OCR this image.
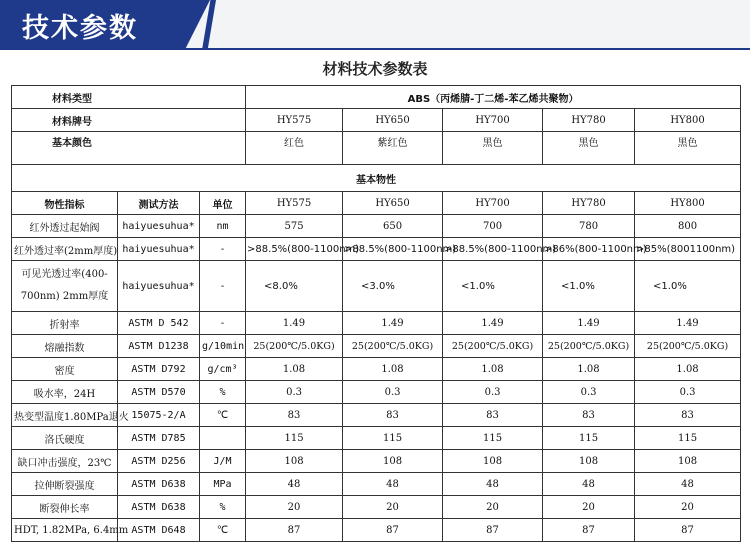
技术参数
材料技术参数表
材料类型			ABS（丙烯腈-丁二烯-苯乙烯共聚物）				
材料牌号			HY575	HY650	HY700	HY780	HY800
基本颜色			红色	紫红色	黑色	黑色	黑色
基本物性							
物性指标	测试方法	单位	HY575	HY650	HY700	HY780	HY800
红外透过起始阀	haiyuesuhua*	nm	575	650	700	780	800
红外透过率(2mm厚度)	haiyuesuhua*	-	>88.5%(800-1100nm)	>88.5%(800-1100nm)	>88.5%(800-1100nm)	>86%(800-1100nm)	>85%(8001100nm)
可见光透过率(400-700nm) 2mm厚度	haiyuesuhua*	-	<8.0%	<3.0%	<1.0%	<1.0%	<1.0%
折射率	ASTM D 542	-	1.49	1.49	1.49	1.49	1.49
熔融指数	ASTM D1238	g/10min	25(200℃/5.0KG)	25(200℃/5.0KG)	25(200℃/5.0KG)	25(200℃/5.0KG)	25(200℃/5.0KG)
密度	ASTM D792	g/cm³	1.08	1.08	1.08	1.08	1.08
吸水率，24H	ASTM D570	%	0.3	0.3	0.3	0.3	0.3
热变型温度1.80MPa退火	15075-2/A	℃	83	83	83	83	83
洛氏硬度	ASTM D785		115	115	115	115	115
缺口冲击强度，23℃	ASTM D256	J/M	108	108	108	108	108
拉伸断裂强度	ASTM D638	MPa	48	48	48	48	48
断裂伸长率	ASTM D638	%	20	20	20	20	20
HDT, 1.82MPa, 6.4mm	ASTM D648	℃	87	87	87	87	87
